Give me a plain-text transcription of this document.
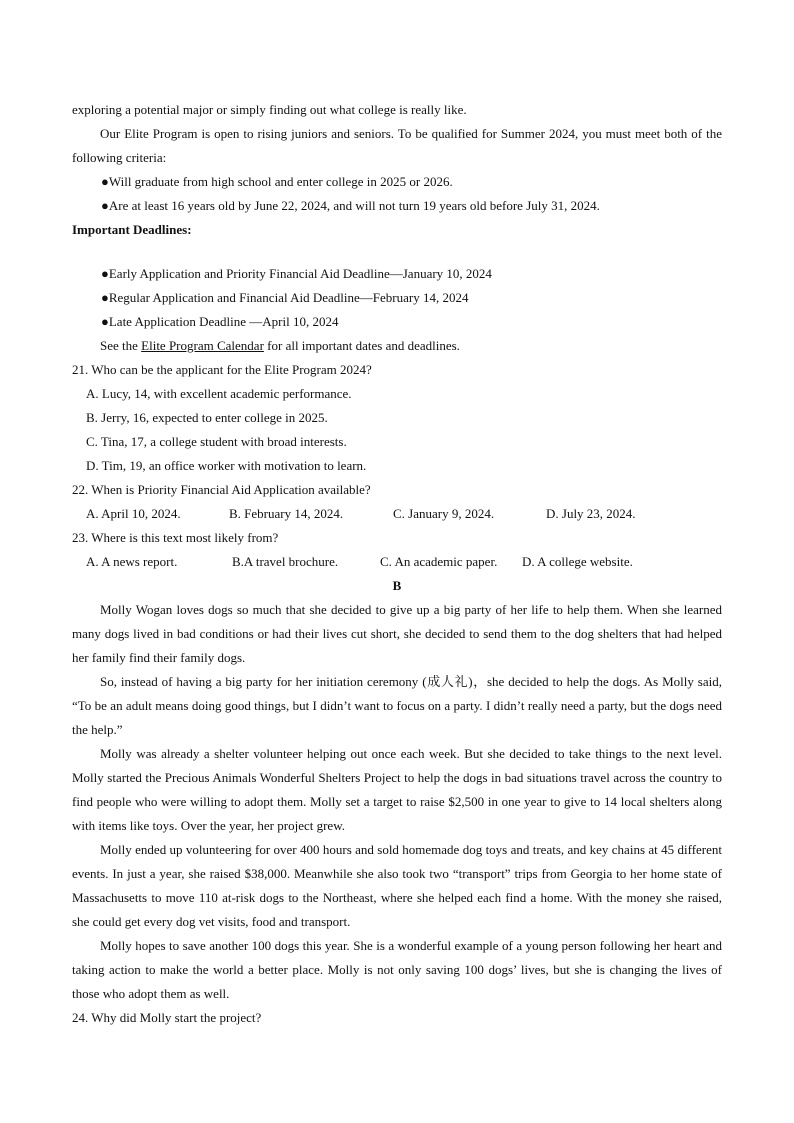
exploring a potential major or simply finding out what college is really like.

Our Elite Program is open to rising juniors and seniors. To be qualified for Summer 2024, you must meet both of the following criteria:

●Will graduate from high school and enter college in 2025 or 2026.

●Are at least 16 years old by June 22, 2024, and will not turn 19 years old before July 31, 2024.

Important Deadlines:

●Early Application and Priority Financial Aid Deadline—January 10, 2024

●Regular Application and Financial Aid Deadline—February 14, 2024

●Late Application Deadline —April 10, 2024

See the Elite Program Calendar for all important dates and deadlines.

21. Who can be the applicant for the Elite Program 2024?

A. Lucy, 14, with excellent academic performance.

B. Jerry, 16, expected to enter college in 2025.

C. Tina, 17, a college student with broad interests.

D. Tim, 19, an office worker with motivation to learn.

22. When is Priority Financial Aid Application available?

A. April 10, 2024.	B. February 14, 2024.	C. January 9, 2024.	D. July 23, 2024.

23. Where is this text most likely from?

A. A news report.	B.A travel brochure.	C. An academic paper.	D. A college website.

B

Molly Wogan loves dogs so much that she decided to give up a big party of her life to help them. When she learned many dogs lived in bad conditions or had their lives cut short, she decided to send them to the dog shelters that had helped her family find their family dogs.

So, instead of having a big party for her initiation ceremony (成人礼)，she decided to help the dogs. As Molly said, “To be an adult means doing good things, but I didn’t want to focus on a party. I didn’t really need a party, but the dogs need the help.”

Molly was already a shelter volunteer helping out once each week. But she decided to take things to the next level. Molly started the Precious Animals Wonderful Shelters Project to help the dogs in bad situations travel across the country to find people who were willing to adopt them. Molly set a target to raise $2,500 in one year to give to 14 local shelters along with items like toys. Over the year, her project grew.

Molly ended up volunteering for over 400 hours and sold homemade dog toys and treats, and key chains at 45 different events. In just a year, she raised $38,000. Meanwhile she also took two “transport” trips from Georgia to her home state of Massachusetts to move 110 at-risk dogs to the Northeast, where she helped each find a home. With the money she raised, she could get every dog vet visits, food and transport.

Molly hopes to save another 100 dogs this year. She is a wonderful example of a young person following her heart and taking action to make the world a better place. Molly is not only saving 100 dogs’ lives, but she is changing the lives of those who adopt them as well.

24. Why did Molly start the project?
